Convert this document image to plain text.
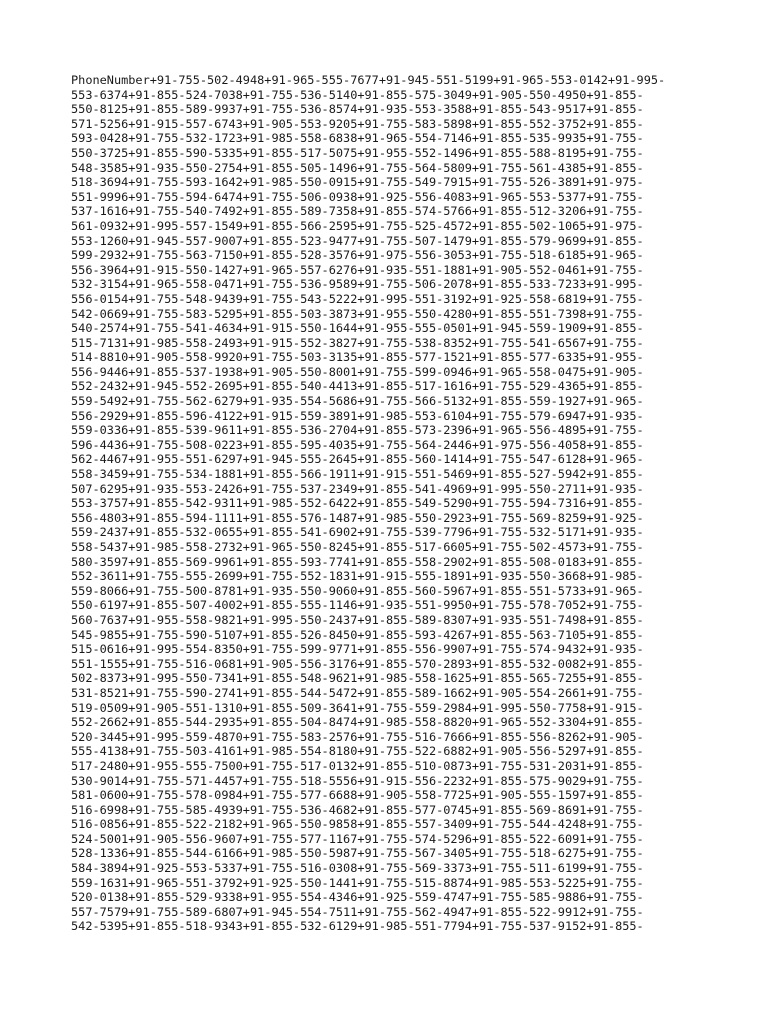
PhoneNumber+91-755-502-4948+91-965-555-7677+91-945-551-5199+91-965-553-0142+91-995-
553-6374+91-855-524-7038+91-755-536-5140+91-855-575-3049+91-905-550-4950+91-855-
550-8125+91-855-589-9937+91-755-536-8574+91-935-553-3588+91-855-543-9517+91-855-
571-5256+91-915-557-6743+91-905-553-9205+91-755-583-5898+91-855-552-3752+91-855-
593-0428+91-755-532-1723+91-985-558-6838+91-965-554-7146+91-855-535-9935+91-755-
550-3725+91-855-590-5335+91-855-517-5075+91-955-552-1496+91-855-588-8195+91-755-
548-3585+91-935-550-2754+91-855-505-1496+91-755-564-5809+91-755-561-4385+91-855-
518-3694+91-755-593-1642+91-985-550-0915+91-755-549-7915+91-755-526-3891+91-975-
551-9996+91-755-594-6474+91-755-506-0938+91-925-556-4083+91-965-553-5377+91-755-
537-1616+91-755-540-7492+91-855-589-7358+91-855-574-5766+91-855-512-3206+91-755-
561-0932+91-995-557-1549+91-855-566-2595+91-755-525-4572+91-855-502-1065+91-975-
553-1260+91-945-557-9007+91-855-523-9477+91-755-507-1479+91-855-579-9699+91-855-
599-2932+91-755-563-7150+91-855-528-3576+91-975-556-3053+91-755-518-6185+91-965-
556-3964+91-915-550-1427+91-965-557-6276+91-935-551-1881+91-905-552-0461+91-755-
532-3154+91-965-558-0471+91-755-536-9589+91-755-506-2078+91-855-533-7233+91-995-
556-0154+91-755-548-9439+91-755-543-5222+91-995-551-3192+91-925-558-6819+91-755-
542-0669+91-755-583-5295+91-855-503-3873+91-955-550-4280+91-855-551-7398+91-755-
540-2574+91-755-541-4634+91-915-550-1644+91-955-555-0501+91-945-559-1909+91-855-
515-7131+91-985-558-2493+91-915-552-3827+91-755-538-8352+91-755-541-6567+91-755-
514-8810+91-905-558-9920+91-755-503-3135+91-855-577-1521+91-855-577-6335+91-955-
556-9446+91-855-537-1938+91-905-550-8001+91-755-599-0946+91-965-558-0475+91-905-
552-2432+91-945-552-2695+91-855-540-4413+91-855-517-1616+91-755-529-4365+91-855-
559-5492+91-755-562-6279+91-935-554-5686+91-755-566-5132+91-855-559-1927+91-965-
556-2929+91-855-596-4122+91-915-559-3891+91-985-553-6104+91-755-579-6947+91-935-
559-0336+91-855-539-9611+91-855-536-2704+91-855-573-2396+91-965-556-4895+91-755-
596-4436+91-755-508-0223+91-855-595-4035+91-755-564-2446+91-975-556-4058+91-855-
562-4467+91-955-551-6297+91-945-555-2645+91-855-560-1414+91-755-547-6128+91-965-
558-3459+91-755-534-1881+91-855-566-1911+91-915-551-5469+91-855-527-5942+91-855-
507-6295+91-935-553-2426+91-755-537-2349+91-855-541-4969+91-995-550-2711+91-935-
553-3757+91-855-542-9311+91-985-552-6422+91-855-549-5290+91-755-594-7316+91-855-
556-4803+91-855-594-1111+91-855-576-1487+91-985-550-2923+91-755-569-8259+91-925-
559-2437+91-855-532-0655+91-855-541-6902+91-755-539-7796+91-755-532-5171+91-935-
558-5437+91-985-558-2732+91-965-550-8245+91-855-517-6605+91-755-502-4573+91-755-
580-3597+91-855-569-9961+91-855-593-7741+91-855-558-2902+91-855-508-0183+91-855-
552-3611+91-755-555-2699+91-755-552-1831+91-915-555-1891+91-935-550-3668+91-985-
559-8066+91-755-500-8781+91-935-550-9060+91-855-560-5967+91-855-551-5733+91-965-
550-6197+91-855-507-4002+91-855-555-1146+91-935-551-9950+91-755-578-7052+91-755-
560-7637+91-955-558-9821+91-995-550-2437+91-855-589-8307+91-935-551-7498+91-855-
545-9855+91-755-590-5107+91-855-526-8450+91-855-593-4267+91-855-563-7105+91-855-
515-0616+91-995-554-8350+91-755-599-9771+91-855-556-9907+91-755-574-9432+91-935-
551-1555+91-755-516-0681+91-905-556-3176+91-855-570-2893+91-855-532-0082+91-855-
502-8373+91-995-550-7341+91-855-548-9621+91-985-558-1625+91-855-565-7255+91-855-
531-8521+91-755-590-2741+91-855-544-5472+91-855-589-1662+91-905-554-2661+91-755-
519-0509+91-905-551-1310+91-855-509-3641+91-755-559-2984+91-995-550-7758+91-915-
552-2662+91-855-544-2935+91-855-504-8474+91-985-558-8820+91-965-552-3304+91-855-
520-3445+91-995-559-4870+91-755-583-2576+91-755-516-7666+91-855-556-8262+91-905-
555-4138+91-755-503-4161+91-985-554-8180+91-755-522-6882+91-905-556-5297+91-855-
517-2480+91-955-555-7500+91-755-517-0132+91-855-510-0873+91-755-531-2031+91-855-
530-9014+91-755-571-4457+91-755-518-5556+91-915-556-2232+91-855-575-9029+91-755-
581-0600+91-755-578-0984+91-755-577-6688+91-905-558-7725+91-905-555-1597+91-855-
516-6998+91-755-585-4939+91-755-536-4682+91-855-577-0745+91-855-569-8691+91-755-
516-0856+91-855-522-2182+91-965-550-9858+91-855-557-3409+91-755-544-4248+91-755-
524-5001+91-905-556-9607+91-755-577-1167+91-755-574-5296+91-855-522-6091+91-755-
528-1336+91-855-544-6166+91-985-550-5987+91-755-567-3405+91-755-518-6275+91-755-
584-3894+91-925-553-5337+91-755-516-0308+91-755-569-3373+91-755-511-6199+91-755-
559-1631+91-965-551-3792+91-925-550-1441+91-755-515-8874+91-985-553-5225+91-755-
520-0138+91-855-529-9338+91-955-554-4346+91-925-559-4747+91-755-585-9886+91-755-
557-7579+91-755-589-6807+91-945-554-7511+91-755-562-4947+91-855-522-9912+91-755-
542-5395+91-855-518-9343+91-855-532-6129+91-985-551-7794+91-755-537-9152+91-855-
